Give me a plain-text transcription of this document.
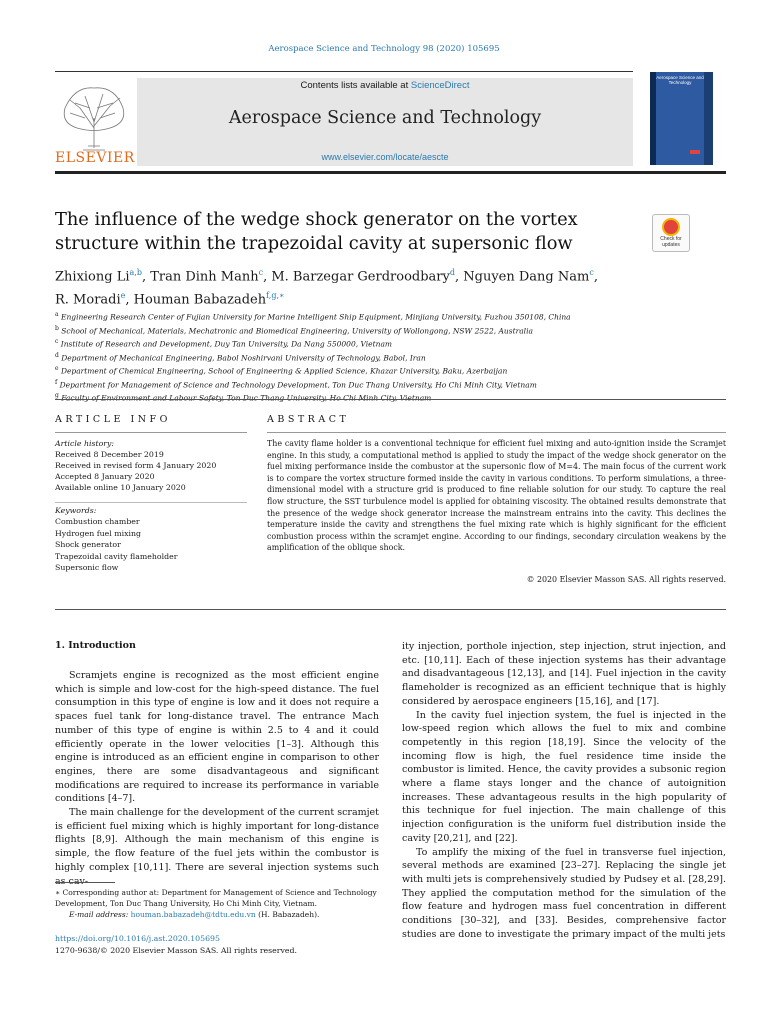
Aerospace Science and Technology 98 (2020) 105695
ELSEVIER
Contents lists available at ScienceDirect
Aerospace Science and Technology
www.elsevier.com/locate/aescte
Aerospace Science and Technology
The influence of the wedge shock generator on the vortex structure within the trapezoidal cavity at supersonic flow	Check for updates
Zhixiong Li$^{a,b}$, Tran Dinh Manh$^c$, M. Barzegar Gerdroodbary$^d$, Nguyen Dang Nam$^c$,
R. Moradi$^e$, Houman Babazadeh$^{f,g,∗}$
$^a$ Engineering Research Center of Fujian University for Marine Intelligent Ship Equipment, Minjiang University, Fuzhou 350108, China
$^b$ School of Mechanical, Materials, Mechatronic and Biomedical Engineering, University of Wollongong, NSW 2522, Australia
$^c$ Institute of Research and Development, Duy Tan University, Da Nang 550000, Vietnam
$^d$ Department of Mechanical Engineering, Babol Noshirvani University of Technology, Babol, Iran
$^e$ Department of Chemical Engineering, School of Engineering & Applied Science, Khazar University, Baku, Azerbaijan
$^f$ Department for Management of Science and Technology Development, Ton Duc Thang University, Ho Chi Minh City, Vietnam
$^g$ Faculty of Environment and Labour Safety, Ton Duc Thang University, Ho Chi Minh City, Vietnam
ARTICLE INFO	ABSTRACT
Article history:
Received 8 December 2019
Received in revised form 4 January 2020
Accepted 8 January 2020
Available online 10 January 2020
Keywords:
Combustion chamber
Hydrogen fuel mixing
Shock generator
Trapezoidal cavity flameholder
Supersonic flow
The cavity flame holder is a conventional technique for efficient fuel mixing and auto-ignition inside the Scramjet engine. In this study, a computational method is applied to study the impact of the wedge shock generator on the fuel mixing performance inside the combustor at the supersonic flow of M=4. The main focus of the current work is to compare the vortex structure formed inside the cavity in various conditions. To perform simulations, a three-dimensional model with a structure grid is produced to fine reliable solution for our study. To capture the real flow structure, the SST turbulence model is applied for obtaining viscosity. The obtained results demonstrate that the presence of the wedge shock generator increase the mainstream entrains into the cavity. This declines the temperature inside the cavity and strengthens the fuel mixing rate which is highly significant for the efficient combustion process within the scramjet engine. According to our findings, secondary circulation weakens by the amplification of the oblique shock.
© 2020 Elsevier Masson SAS. All rights reserved.
1. Introduction

Scramjets engine is recognized as the most efficient engine which is simple and low-cost for the high-speed distance. The fuel consumption in this type of engine is low and it does not require a spaces fuel tank for long-distance travel. The entrance Mach number of this type of engine is within 2.5 to 4 and it could efficiently operate in the lower velocities [1–3]. Although this engine is introduced as an efficient engine in comparison to other engines, there are some disadvantageous and significant modifications are required to increase its performance in variable conditions [4–7].

The main challenge for the development of the current scramjet is efficient fuel mixing which is highly important for long-distance flights [8,9]. Although the main mechanism of this engine is simple, the flow feature of the fuel jets within the combustor is highly complex [10,11]. There are several injection systems such as cav-

ity injection, porthole injection, step injection, strut injection, and etc. [10,11]. Each of these injection systems has their advantage and disadvantageous [12,13], and [14]. Fuel injection in the cavity flameholder is recognized as an efficient technique that is highly considered by aerospace engineers [15,16], and [17].

In the cavity fuel injection system, the fuel is injected in the low-speed region which allows the fuel to mix and combine competently in this region [18,19]. Since the velocity of the incoming flow is high, the fuel residence time inside the combustor is limited. Hence, the cavity provides a subsonic region where a flame stays longer and the chance of autoignition increases. These advantageous results in the high popularity of this technique for fuel injection. The main challenge of this injection configuration is the uniform fuel distribution inside the cavity [20,21], and [22].

To amplify the mixing of the fuel in transverse fuel injection, several methods are examined [23–27]. Replacing the single jet with multi jets is comprehensively studied by Pudsey et al. [28,29]. They applied the computation method for the simulation of the flow feature and hydrogen mass fuel concentration in different conditions [30–32], and [33]. Besides, comprehensive factor studies are done to investigate the primary impact of the multi jets

∗ Corresponding author at: Department for Management of Science and Technology Development, Ton Duc Thang University, Ho Chi Minh City, Vietnam.

E-mail address: houman.babazadeh@tdtu.edu.vn (H. Babazadeh).

https://doi.org/10.1016/j.ast.2020.105695
1270-9638/© 2020 Elsevier Masson SAS. All rights reserved.
